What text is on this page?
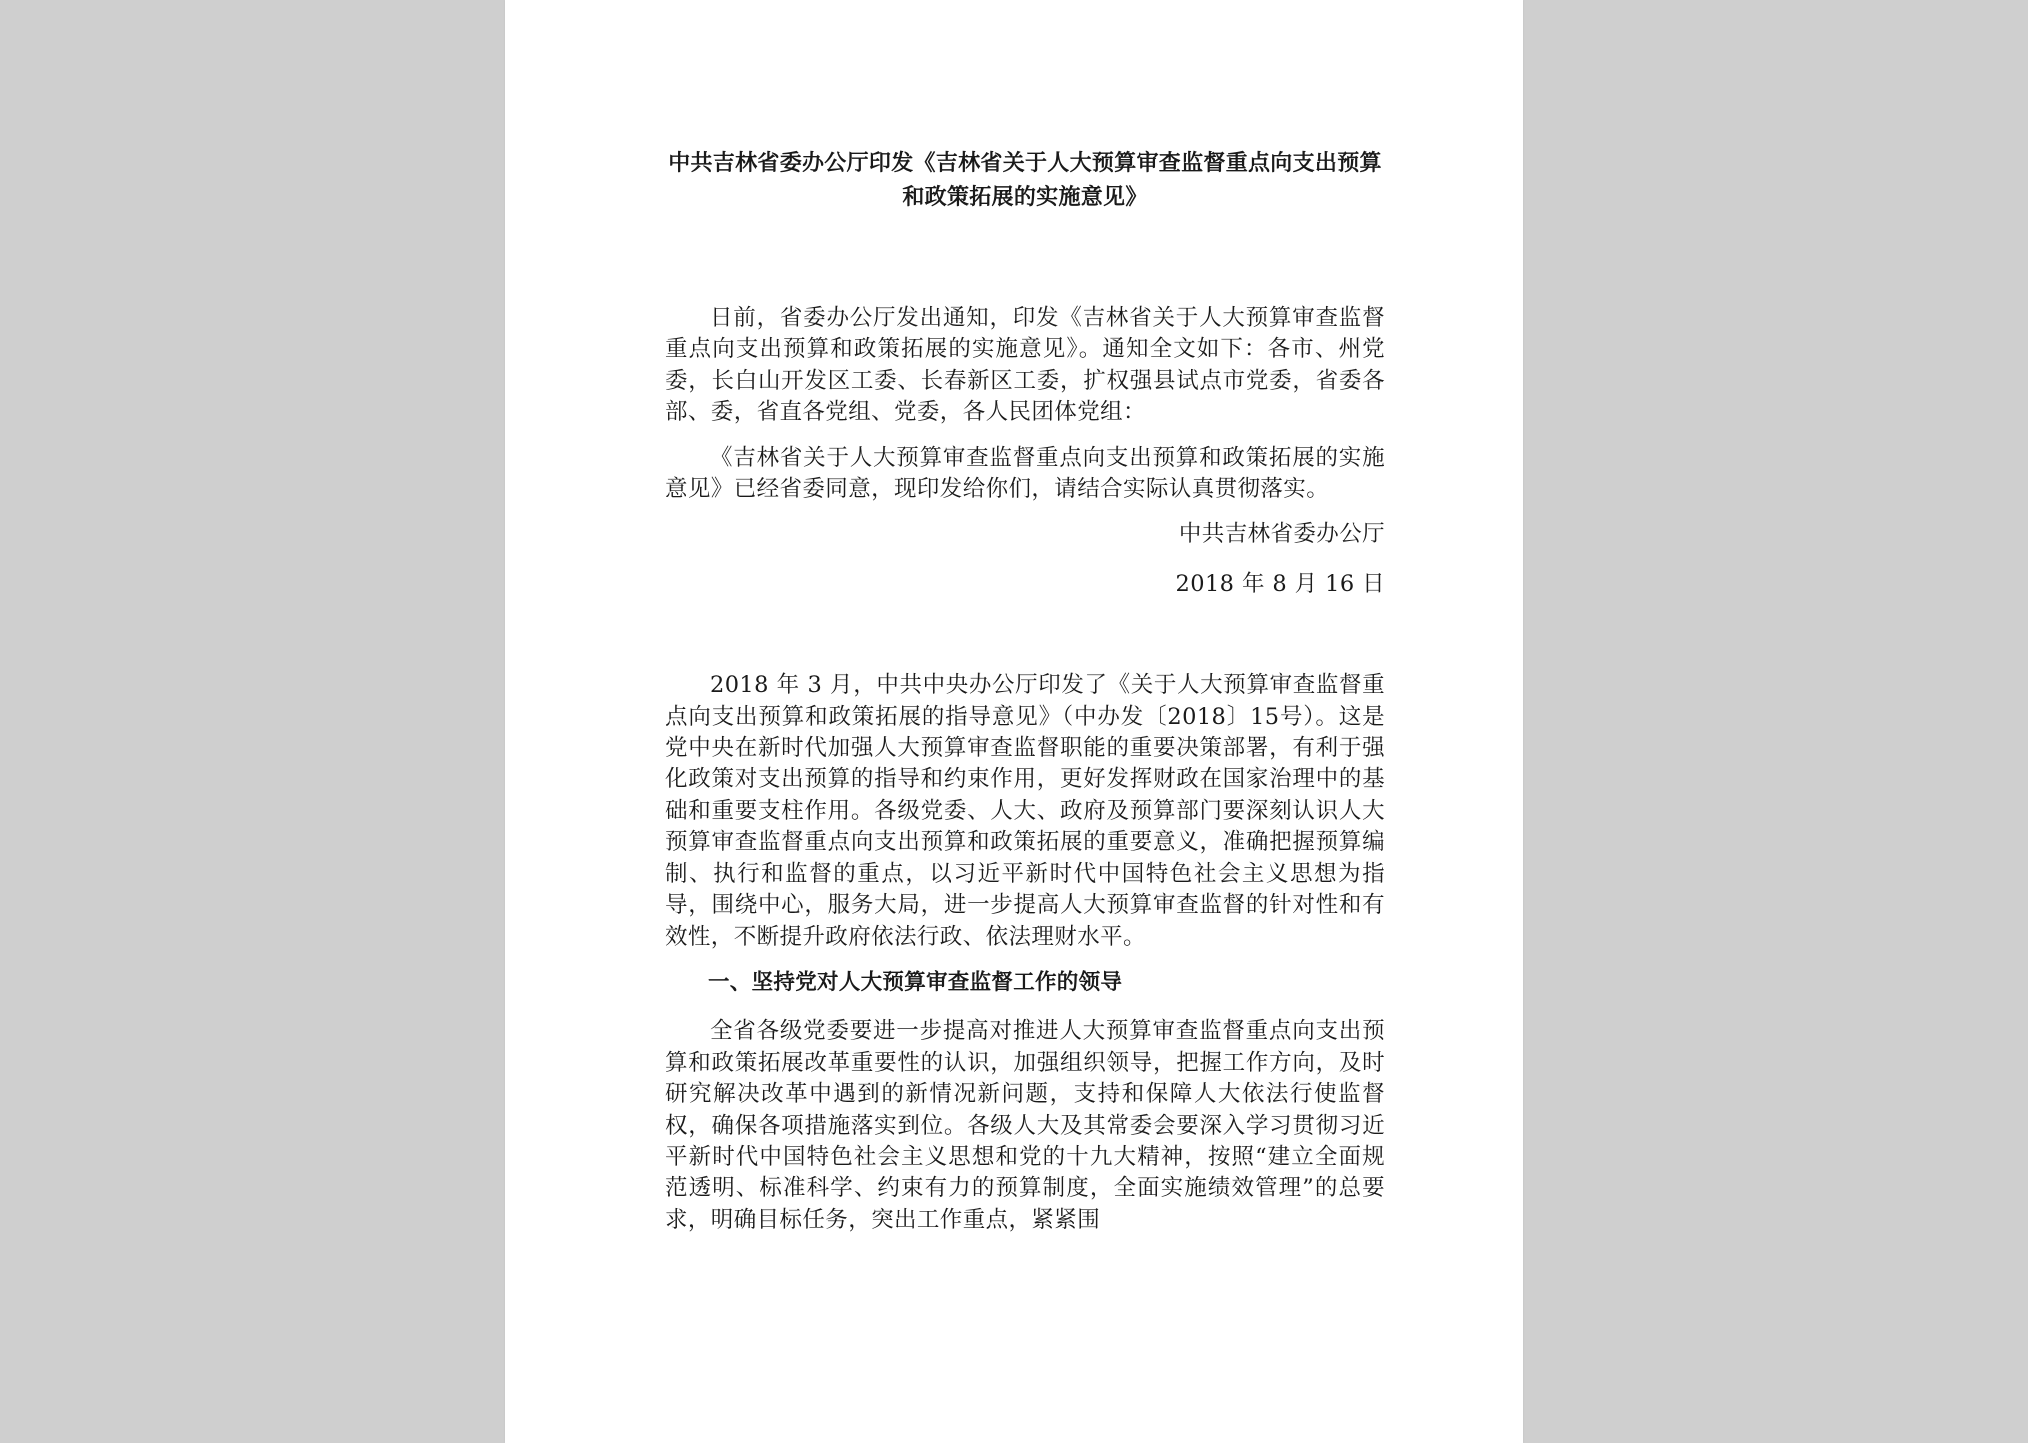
中共吉林省委办公厅印发《吉林省关于人大预算审查监督重点向支出预算和政策拓展的实施意见》

日前，省委办公厅发出通知，印发《吉林省关于人大预算审查监督重点向支出预算和政策拓展的实施意见》。通知全文如下：各市、州党委，长白山开发区工委、长春新区工委，扩权强县试点市党委，省委各部、委，省直各党组、党委，各人民团体党组：

《吉林省关于人大预算审查监督重点向支出预算和政策拓展的实施意见》已经省委同意，现印发给你们，请结合实际认真贯彻落实。

中共吉林省委办公厅

2018 年 8 月 16 日

2018 年 3 月，中共中央办公厅印发了《关于人大预算审查监督重点向支出预算和政策拓展的指导意见》（中办发〔2018〕15号）。这是党中央在新时代加强人大预算审查监督职能的重要决策部署，有利于强化政策对支出预算的指导和约束作用，更好发挥财政在国家治理中的基础和重要支柱作用。各级党委、人大、政府及预算部门要深刻认识人大预算审查监督重点向支出预算和政策拓展的重要意义，准确把握预算编制、执行和监督的重点，以习近平新时代中国特色社会主义思想为指导，围绕中心，服务大局，进一步提高人大预算审查监督的针对性和有效性，不断提升政府依法行政、依法理财水平。

一、坚持党对人大预算审查监督工作的领导

全省各级党委要进一步提高对推进人大预算审查监督重点向支出预算和政策拓展改革重要性的认识，加强组织领导，把握工作方向，及时研究解决改革中遇到的新情况新问题，支持和保障人大依法行使监督权，确保各项措施落实到位。各级人大及其常委会要深入学习贯彻习近平新时代中国特色社会主义思想和党的十九大精神，按照“建立全面规范透明、标准科学、约束有力的预算制度，全面实施绩效管理”的总要求，明确目标任务，突出工作重点，紧紧围
